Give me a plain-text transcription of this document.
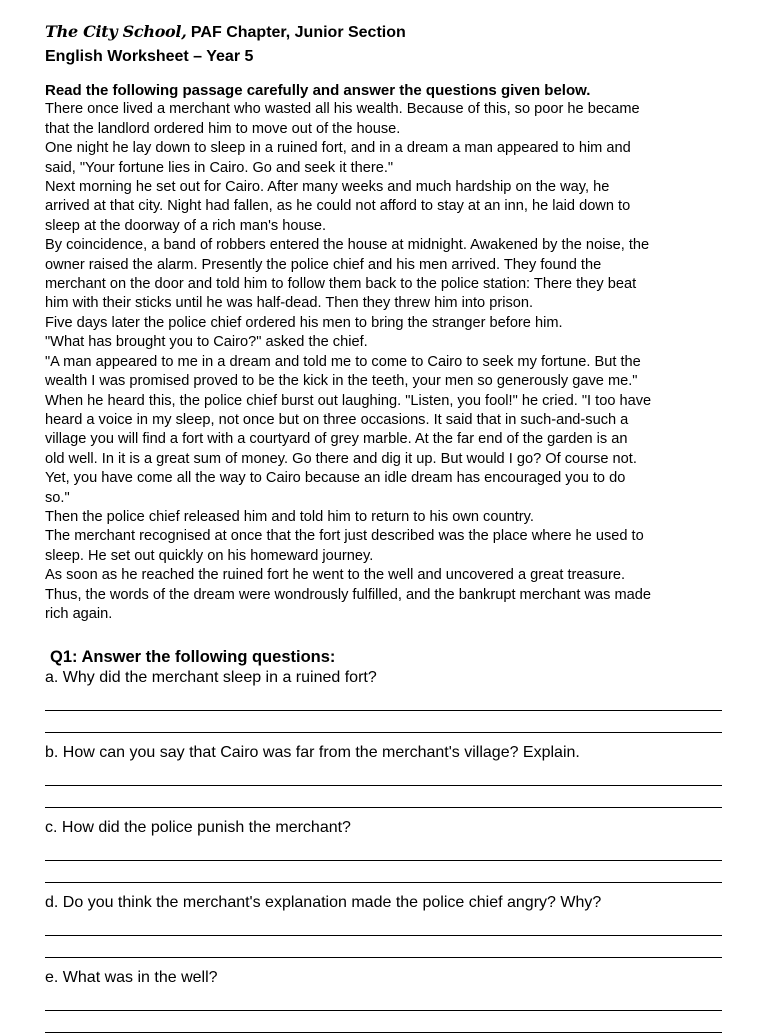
The City School, PAF Chapter, Junior Section
English Worksheet – Year 5
Read the following passage carefully and answer the questions given below.
There once lived a merchant who wasted all his wealth. Because of this, so poor he became
that the landlord ordered him to move out of the house.
One night he lay down to sleep in a ruined fort, and in a dream a man appeared to him and
said, "Your fortune lies in Cairo. Go and seek it there."
Next morning he set out for Cairo. After many weeks and much hardship on the way, he
arrived at that city. Night had fallen, as he could not afford to stay at an inn, he laid down to
sleep at the doorway of a rich man's house.
By coincidence, a band of robbers entered the house at midnight. Awakened by the noise, the
owner raised the alarm. Presently the police chief and his men arrived. They found the
merchant on the door and told him to follow them back to the police station: There they beat
him with their sticks until he was half-dead. Then they threw him into prison.
Five days later the police chief ordered his men to bring the stranger before him.
"What has brought you to Cairo?" asked the chief.
"A man appeared to me in a dream and told me to come to Cairo to seek my fortune. But the
wealth I was promised proved to be the kick in the teeth, your men so generously gave me."
When he heard this, the police chief burst out laughing. "Listen, you fool!" he cried. "I too have
heard a voice in my sleep, not once but on three occasions. It said that in such-and-such a
village you will find a fort with a courtyard of grey marble. At the far end of the garden is an
old well. In it is a great sum of money. Go there and dig it up. But would I go? Of course not.
Yet, you have come all the way to Cairo because an idle dream has encouraged you to do
so."
Then the police chief released him and told him to return to his own country.
The merchant recognised at once that the fort just described was the place where he used to
sleep. He set out quickly on his homeward journey.
As soon as he reached the ruined fort he went to the well and uncovered a great treasure.
Thus, the words of the dream were wondrously fulfilled, and the bankrupt merchant was made
rich again.
Q1: Answer the following questions:
a. Why did the merchant sleep in a ruined fort?
b. How can you say that Cairo was far from the merchant's village? Explain.
c. How did the police punish the merchant?
d. Do you think the merchant's explanation made the police chief angry? Why?
e. What was in the well?
